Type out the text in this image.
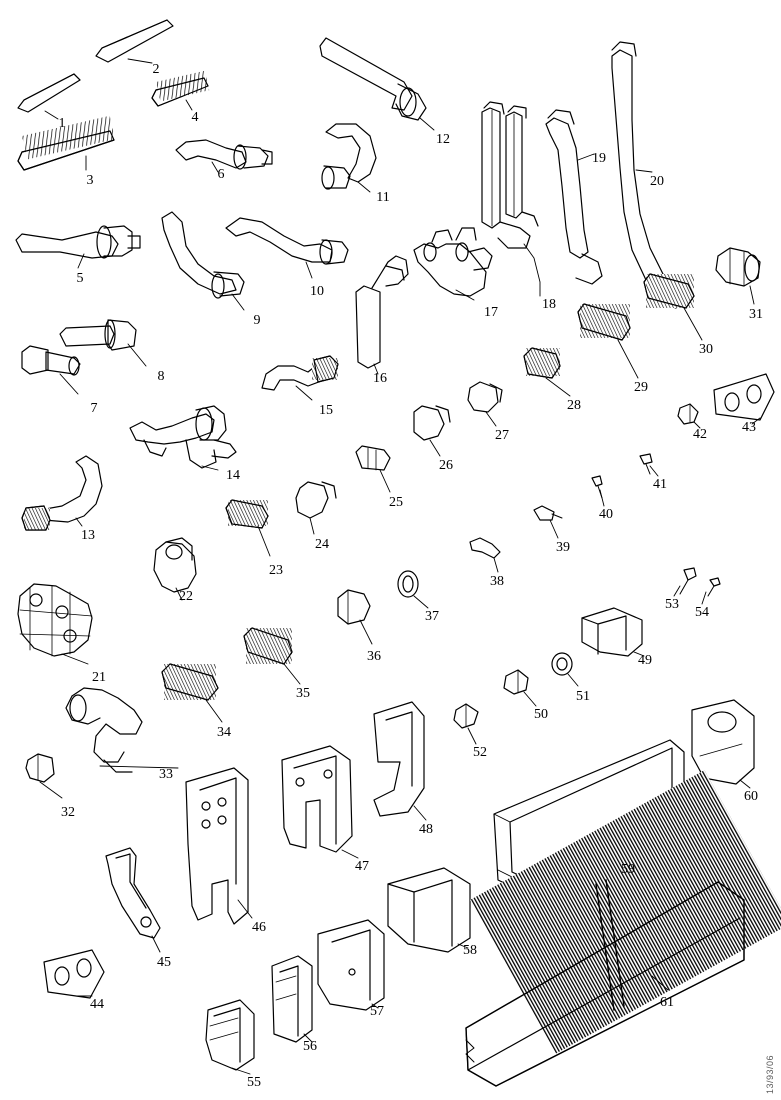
1
2
3
4
5
6
7
8
9
10
11
12
13
14
15
16
17
18
19
20
21
22
23
24
25
26
27
28
29
30
31
32
33
34
35
36
37
38
39
40
41
42	43
44
45
46
47
48
49
50
51
52
53
54
55
56
57
58
59
60
61
13/93/06
